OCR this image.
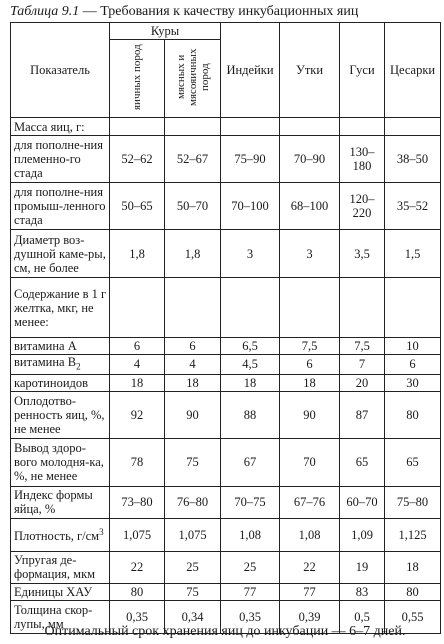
Таблица 9.1 — Требования к качеству инкубационных яиц
Показатель	Куры		Индейки	Утки	Гуси	Цесарки
	яичных пород	мясных и мясояичных пород				
Масса яиц, г:						
для пополне-ния племенно-го стада	52–62	52–67	75–90	70–90	130–180	38–50
для пополне-ния промыш-ленного стада	50–65	50–70	70–100	68–100	120–220	35–52
Диаметр воз-душной каме-ры, см, не более	1,8	1,8	3	3	3,5	1,5
Содержание в 1 г желтка, мкг, не менее:						
витамина А	6	6	6,5	7,5	7,5	10
витамина $B_2$	4	4	4,5	6	7	6
каротиноидов	18	18	18	18	20	30
Оплодотво-ренность яиц, %, не менее	92	90	88	90	87	80
Вывод здоро-вого молодня-ка, %, не менее	78	75	67	70	65	65
Индекс формы яйца, %	73–80	76–80	70–75	67–76	60–70	75–80
Плотность, $г/см^3$	1,075	1,075	1,08	1,08	1,09	1,125
Упругая де-формация, мкм	22	25	25	22	19	18
Единицы ХАУ	80	75	77	77	83	80
Толщина скор-лупы, мм	0,35	0,34	0,35	0,39	0,5	0,55
Оптимальный срок хранения яиц до инкубации — 6–7 дней.
